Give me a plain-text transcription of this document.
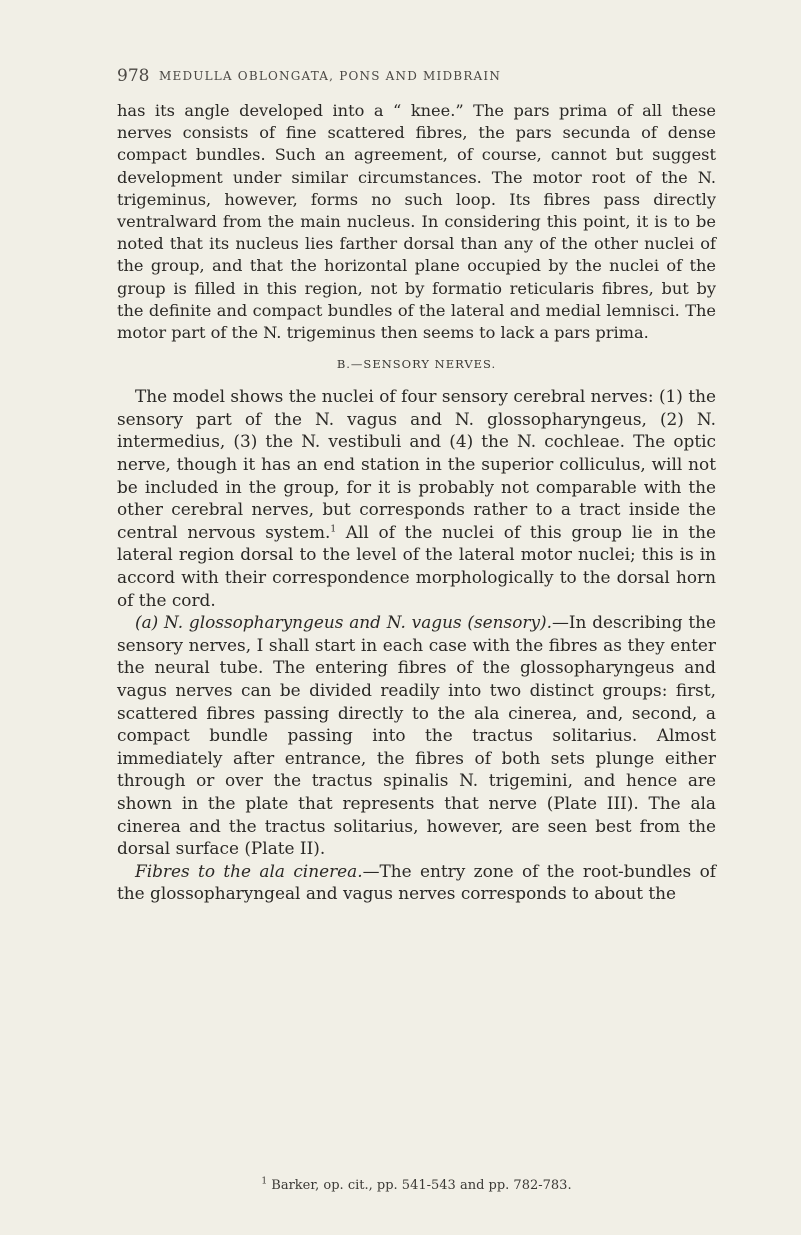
978 MEDULLA OBLONGATA, PONS AND MIDBRAIN

has its angle developed into a “ knee.” The pars prima of all these nerves consists of fine scattered fibres, the pars secunda of dense compact bundles. Such an agreement, of course, cannot but suggest development under similar circumstances. The motor root of the N. trigeminus, however, forms no such loop. Its fibres pass directly ventralward from the main nucleus. In considering this point, it is to be noted that its nucleus lies farther dorsal than any of the other nuclei of the group, and that the horizontal plane occupied by the nuclei of the group is filled in this region, not by formatio reticularis fibres, but by the definite and compact bundles of the lateral and medial lemnisci. The motor part of the N. trigeminus then seems to lack a pars prima.

B.—SENSORY NERVES.

The model shows the nuclei of four sensory cerebral nerves: (1) the sensory part of the N. vagus and N. glossopharyngeus, (2) N. intermedius, (3) the N. vestibuli and (4) the N. cochleae. The optic nerve, though it has an end station in the superior colliculus, will not be included in the group, for it is probably not comparable with the other cerebral nerves, but corresponds rather to a tract inside the central nervous system.$^1$ All of the nuclei of this group lie in the lateral region dorsal to the level of the lateral motor nuclei; this is in accord with their correspondence morphologically to the dorsal horn of the cord.

(a) N. glossopharyngeus and N. vagus (sensory).—In describing the sensory nerves, I shall start in each case with the fibres as they enter the neural tube. The entering fibres of the glossopharyngeus and vagus nerves can be divided readily into two distinct groups: first, scattered fibres passing directly to the ala cinerea, and, second, a compact bundle passing into the tractus solitarius. Almost immediately after entrance, the fibres of both sets plunge either through or over the tractus spinalis N. trigemini, and hence are shown in the plate that represents that nerve (Plate III). The ala cinerea and the tractus solitarius, however, are seen best from the dorsal surface (Plate II).

Fibres to the ala cinerea.—The entry zone of the root-bundles of the glossopharyngeal and vagus nerves corresponds to about the

$^1$ Barker, op. cit., pp. 541-543 and pp. 782-783.
